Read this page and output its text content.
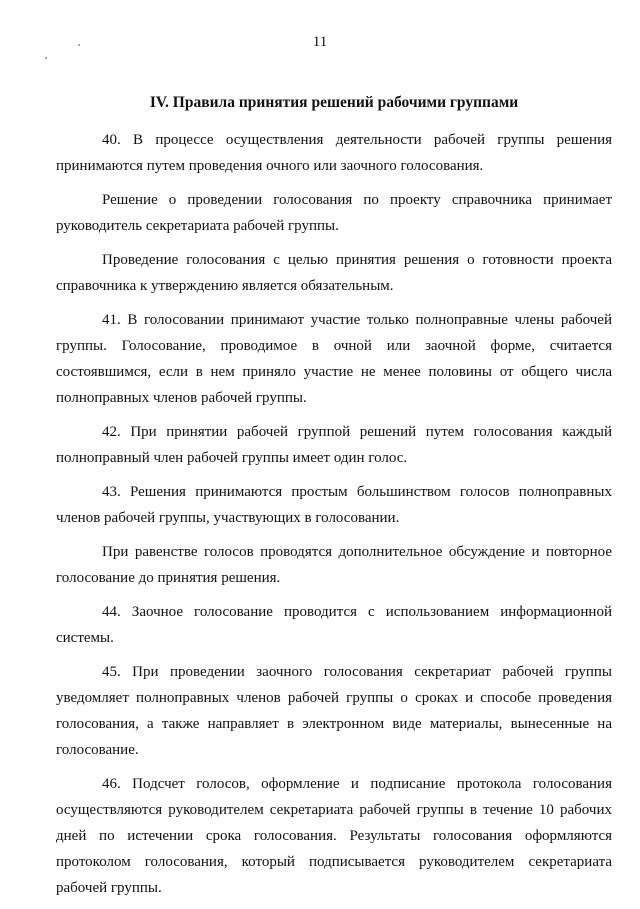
11
IV. Правила принятия решений рабочими группами

40. В процессе осуществления деятельности рабочей группы решения принимаются путем проведения очного или заочного голосования.

Решение о проведении голосования по проекту справочника принимает руководитель секретариата рабочей группы.

Проведение голосования с целью принятия решения о готовности проекта справочника к утверждению является обязательным.

41. В голосовании принимают участие только полноправные члены рабочей группы. Голосование, проводимое в очной или заочной форме, считается состоявшимся, если в нем приняло участие не менее половины от общего числа полноправных членов рабочей группы.

42. При принятии рабочей группой решений путем голосования каждый полноправный член рабочей группы имеет один голос.

43. Решения принимаются простым большинством голосов полноправных членов рабочей группы, участвующих в голосовании.

При равенстве голосов проводятся дополнительное обсуждение и повторное голосование до принятия решения.

44. Заочное голосование проводится с использованием информационной системы.

45. При проведении заочного голосования секретариат рабочей группы уведомляет полноправных членов рабочей группы о сроках и способе проведения голосования, а также направляет в электронном виде материалы, вынесенные на голосование.

46. Подсчет голосов, оформление и подписание протокола голосования осуществляются руководителем секретариата рабочей группы в течение 10 рабочих дней по истечении срока голосования. Результаты голосования оформляются протоколом голосования, который подписывается руководителем секретариата рабочей группы.
